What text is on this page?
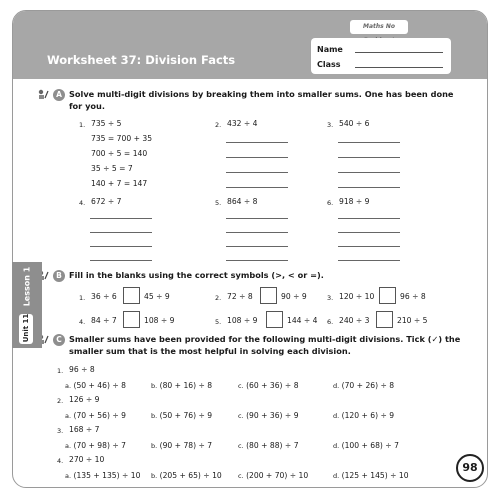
Maths No
Worksheet 37: Division Facts
Name
Class
A Solve multi-digit divisions by breaking them into smaller sums. One has been done for you.
1. 735 ÷ 5
735 = 700 + 35
700 ÷ 5 = 140
35 ÷ 5 = 7
140 + 7 = 147
2. 432 ÷ 4	3. 540 ÷ 6
4. 672 ÷ 7	5. 864 ÷ 8	6. 918 ÷ 9
B Fill in the blanks using the correct symbols (>, < or =).
1. 36 ÷ 6	45 ÷ 9	2. 72 ÷ 8	90 ÷ 9	3. 120 ÷ 10	96 ÷ 8
4. 84 ÷ 7	108 ÷ 9	5. 108 ÷ 9	144 ÷ 4 6. 240 ÷ 3	210 ÷ 5
C Smaller sums have been provided for the following multi-digit divisions. Tick (✓) the smaller sum that is the most helpful in solving each division.
1. 96 ÷ 8
a. (50 + 46) ÷ 8	b. (80 + 16) ÷ 8	c. (60 + 36) ÷ 8	d. (70 + 26) ÷ 8
2. 126 ÷ 9
a. (70 + 56) ÷ 9	b. (50 + 76) ÷ 9	c. (90 + 36) ÷ 9	d. (120 + 6) ÷ 9
3. 168 ÷ 7
a. (70 + 98) ÷ 7	b. (90 + 78) ÷ 7	c. (80 + 88) ÷ 7	d. (100 + 68) ÷ 7
4. 270 ÷ 10
a. (135 + 135) ÷ 10 b. (205 + 65) ÷ 10 c. (200 + 70) ÷ 10	d. (125 + 145) ÷ 10
Lesson 1
Unit 11
98
